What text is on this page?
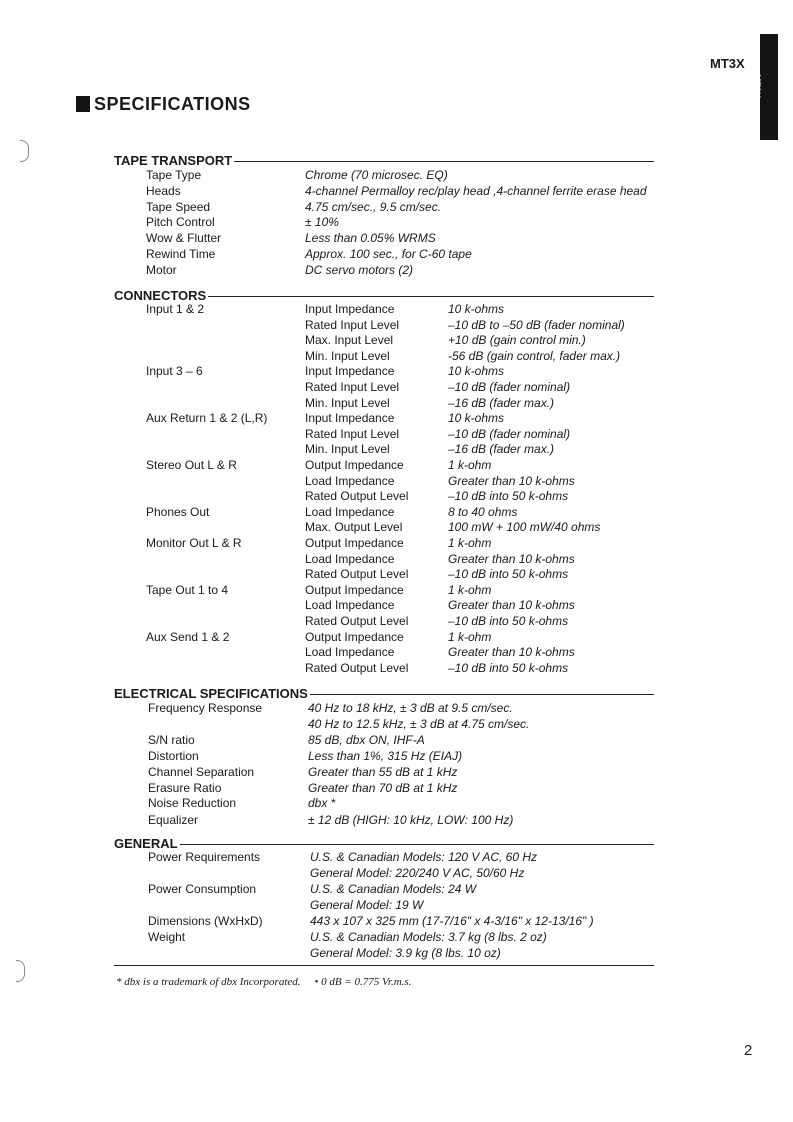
MT3X
MT3X
SPECIFICATIONS
TAPE TRANSPORT
Tape Type	Chrome (70 microsec. EQ)
Heads	4-channel Permalloy rec/play head ,4-channel ferrite erase head
Tape Speed	4.75 cm/sec., 9.5 cm/sec.
Pitch Control	± 10%
Wow & Flutter	Less than 0.05% WRMS
Rewind Time	Approx. 100 sec., for C-60 tape
Motor	DC servo motors (2)
CONNECTORS
Input 1 & 2	Input Impedance	10 k-ohms
Rated Input Level	–10 dB to –50 dB (fader nominal)
Max. Input Level	+10 dB (gain control min.)
Min. Input Level	-56 dB (gain control, fader max.)
Input 3 – 6	Input Impedance	10 k-ohms
Rated Input Level	–10 dB (fader nominal)
Min. Input Level	–16 dB (fader max.)
Aux Return 1 & 2 (L,R)	Input Impedance	10 k-ohms
Rated Input Level	–10 dB (fader nominal)
Min. Input Level	–16 dB (fader max.)
Stereo Out L & R	Output Impedance	1 k-ohm
Load Impedance	Greater than 10 k-ohms
Rated Output Level	–10 dB into 50 k-ohms
Phones Out	Load Impedance	8 to 40 ohms
Max. Output Level	100 mW + 100 mW/40 ohms
Monitor Out L & R	Output Impedance	1 k-ohm
Load Impedance	Greater than 10 k-ohms
Rated Output Level	–10 dB into 50 k-ohms
Tape Out 1 to 4	Output Impedance	1 k-ohm
Load Impedance	Greater than 10 k-ohms
Rated Output Level	–10 dB into 50 k-ohms
Aux Send 1 & 2	Output Impedance	1 k-ohm
Load Impedance	Greater than 10 k-ohms
Rated Output Level	–10 dB into 50 k-ohms
ELECTRICAL SPECIFICATIONS
Frequency Response	40 Hz to 18 kHz, ± 3 dB at 9.5 cm/sec.
40 Hz to 12.5 kHz, ± 3 dB at 4.75 cm/sec.
S/N ratio	85 dB, dbx ON, IHF-A
Distortion	Less than 1%, 315 Hz (EIAJ)
Channel Separation	Greater than 55 dB at 1 kHz
Erasure Ratio	Greater than 70 dB at 1 kHz
Noise Reduction	dbx *
Equalizer	± 12 dB (HIGH: 10 kHz, LOW: 100 Hz)
GENERAL
Power Requirements	U.S. & Canadian Models: 120 V AC, 60 Hz
General Model: 220/240 V AC, 50/60 Hz
Power Consumption	U.S. & Canadian Models: 24 W
General Model: 19 W
Dimensions (WxHxD)	443 x 107 x 325 mm (17-7/16" x 4-3/16" x 12-13/16" )
Weight	U.S. & Canadian Models: 3.7 kg (8 lbs. 2 oz)
General Model: 3.9 kg (8 lbs. 10 oz)
* dbx is a trademark of dbx Incorporated. • 0 dB = 0.775 Vr.m.s.
2
